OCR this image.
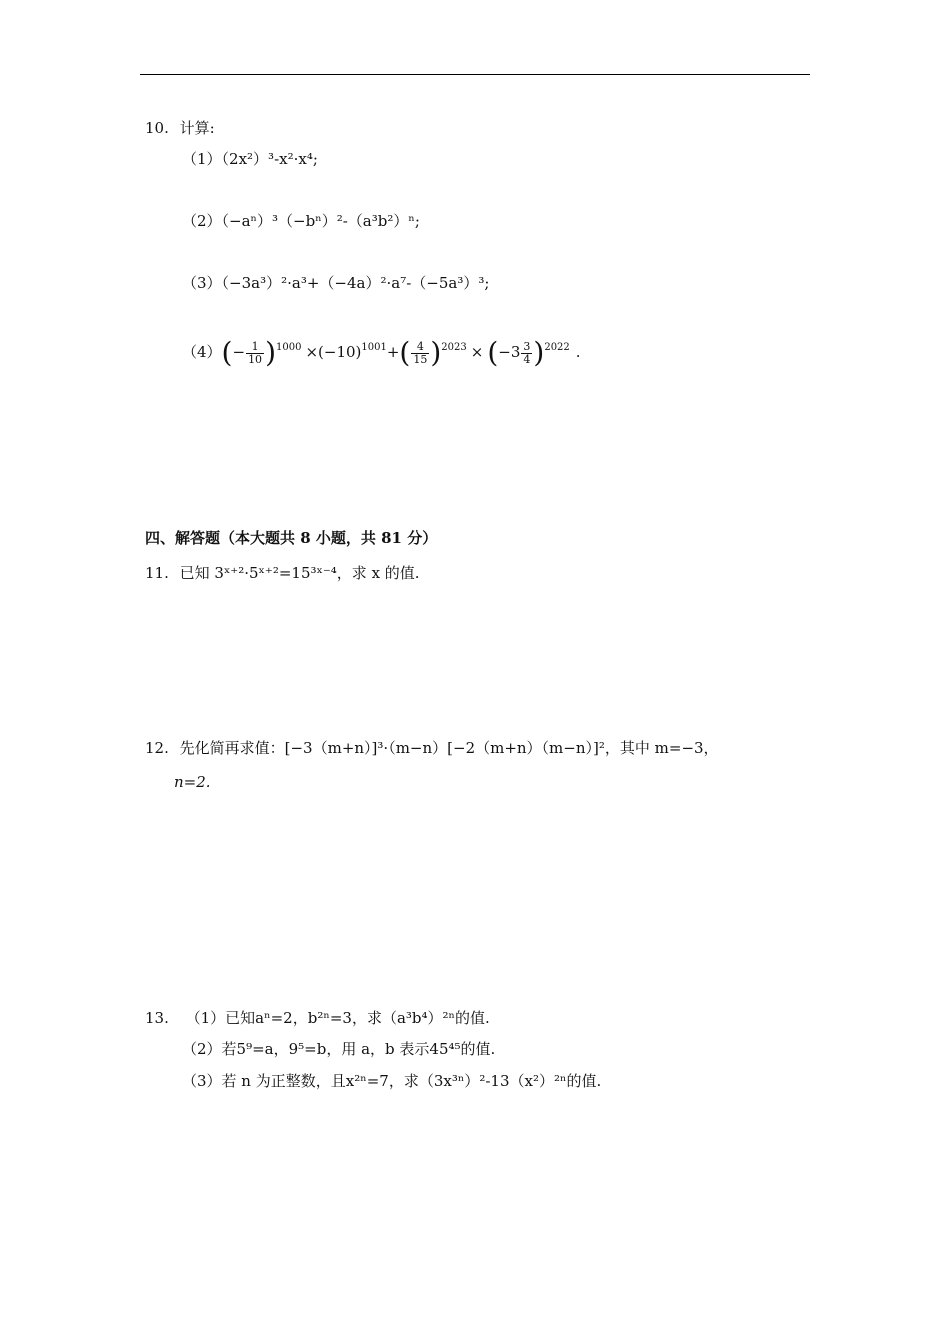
10. 计算:
（1）（2x²）³-x²·x⁴;
（2）（−aⁿ）³（−bⁿ）²-（a³b²）ⁿ;
（3）（−3a³）²·a³+（−4a）²·a⁷-（−5a³）³;
$(4)(- \frac{1}{10} )^{1000} \times(-10)^{1001}+( \frac{4}{15} )^{2023} \times (-3 \frac{3}{4} )^{2022}$ .
四、解答题（本大题共 8 小题，共 81 分）
11. 已知 3ˣ⁺²·5ˣ⁺²=15³ˣ⁻⁴，求 x 的值.
12. 先化简再求值：[−3（m+n）]³·（m−n）[−2（m+n）（m−n）]²，其中 m=−3，
n=2.
13. （1）已知aⁿ=2，b²ⁿ=3，求（a³b⁴）²ⁿ的值.
（2）若5⁹=a，9⁵=b，用 a，b 表示45⁴⁵的值.
（3）若 n 为正整数，且x²ⁿ=7，求（3x³ⁿ）²-13（x²）²ⁿ的值.
